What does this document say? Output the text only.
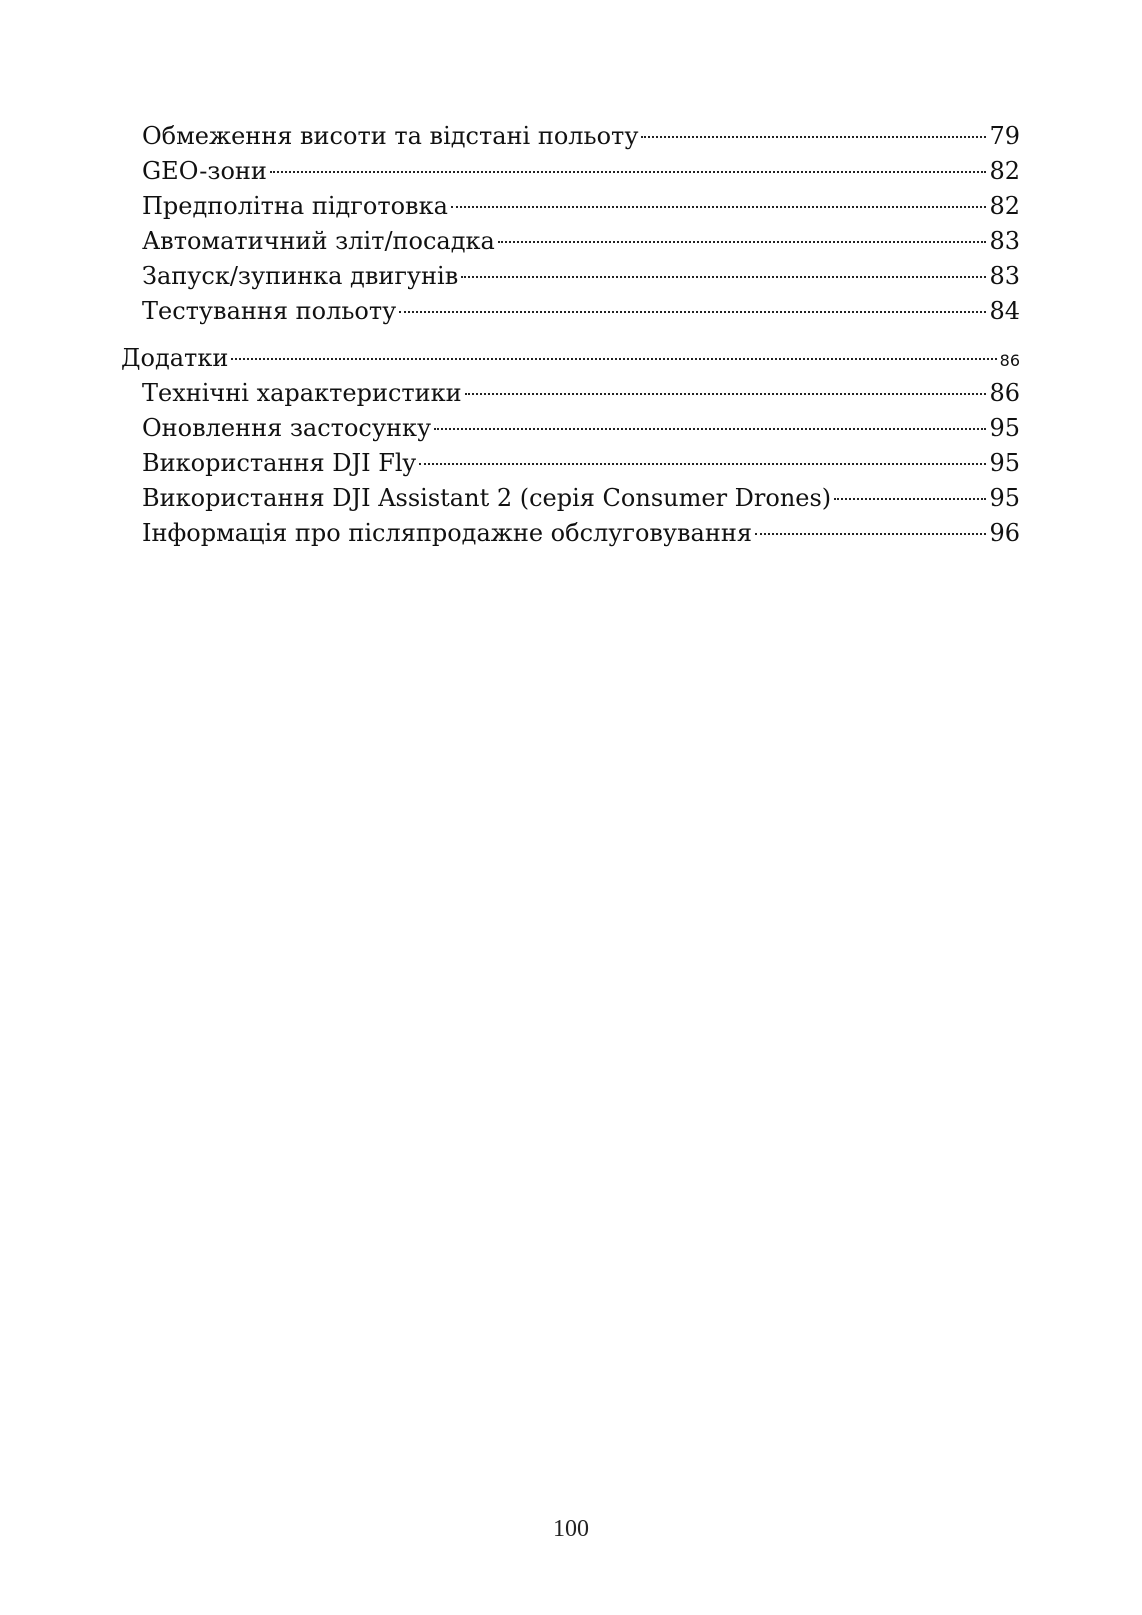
Обмеження висоти та відстані польоту	79
GEO-зони	82
Предполітна підготовка	82
Автоматичний зліт/посадка	83
Запуск/зупинка двигунів	83
Тестування польоту	84
Додатки	86
Технічні характеристики	86
Оновлення застосунку	95
Використання DJI Fly	95
Використання DJI Assistant 2 (серія Consumer Drones)	95
Інформація про післяпродажне обслуговування	96
100
